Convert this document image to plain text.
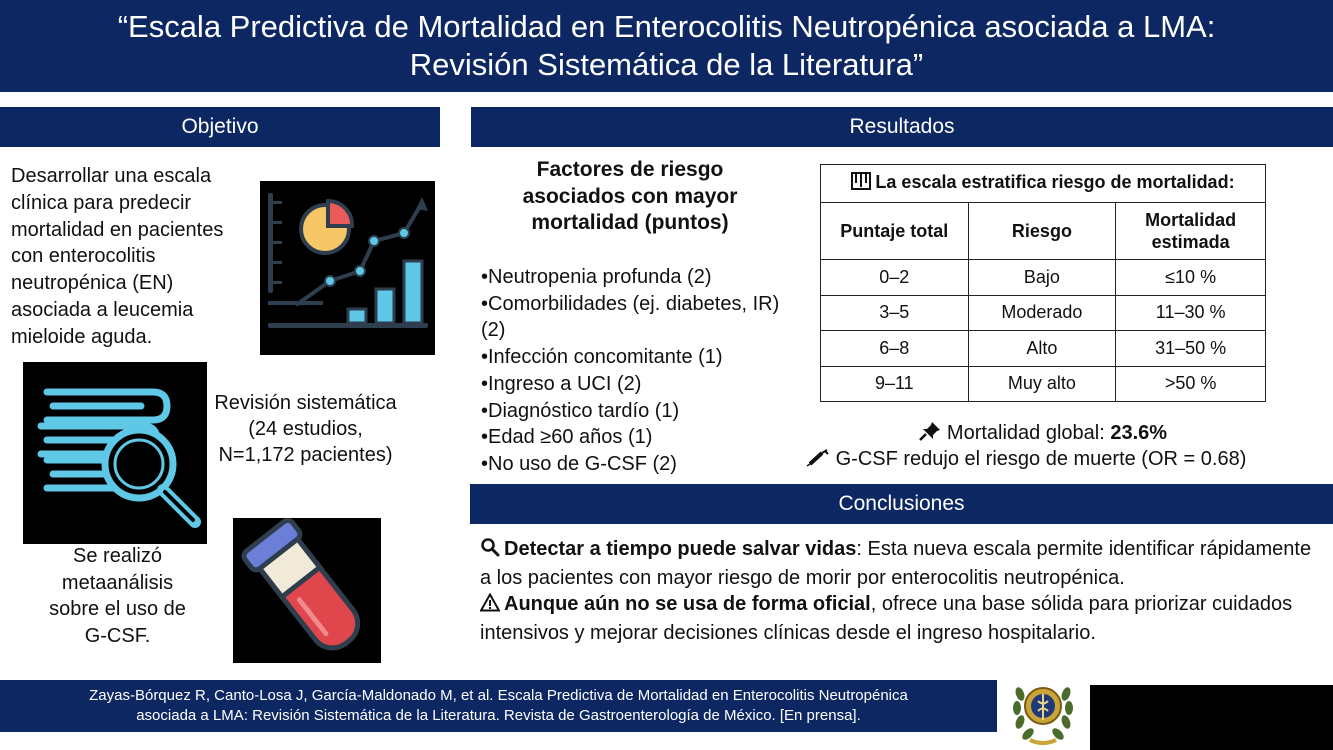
“Escala Predictiva de Mortalidad en Enterocolitis Neutropénica asociada a LMA:
Revisión Sistemática de la Literatura”
Objetivo	Resultados
Desarrollar una escala clínica para predecir mortalidad en pacientes con enterocolitis neutropénica (EN) asociada a leucemia mieloide aguda.
Revisión sistemática
(24 estudios,
N=1,172 pacientes)
Se realizó
metaanálisis
sobre el uso de
G-CSF.
Factores de riesgo asociados con mayor mortalidad (puntos)
•Neutropenia profunda (2)
•Comorbilidades (ej. diabetes, IR) (2)
•Infección concomitante (1)
•Ingreso a UCI (2)
•Diagnóstico tardío (1)
•Edad ≥60 años (1)
•No uso de G-CSF (2)
La escala estratifica riesgo de mortalidad:		
Puntaje total	Riesgo	Mortalidad estimada
0–2	Bajo	≤10 %
3–5	Moderado	11–30 %
6–8	Alto	31–50 %
9–11	Muy alto	>50 %
Mortalidad global: 23.6%
G-CSF redujo el riesgo de muerte (OR = 0.68)
Conclusiones

Detectar a tiempo puede salvar vidas: Esta nueva escala permite identificar rápidamente a los pacientes con mayor riesgo de morir por enterocolitis neutropénica.

Aunque aún no se usa de forma oficial, ofrece una base sólida para priorizar cuidados intensivos y mejorar decisiones clínicas desde el ingreso hospitalario.

Zayas-Bórquez R, Canto-Losa J, García-Maldonado M, et al. Escala Predictiva de Mortalidad en Enterocolitis Neutropénica
asociada a LMA: Revisión Sistemática de la Literatura. Revista de Gastroenterología de México. [En prensa].
